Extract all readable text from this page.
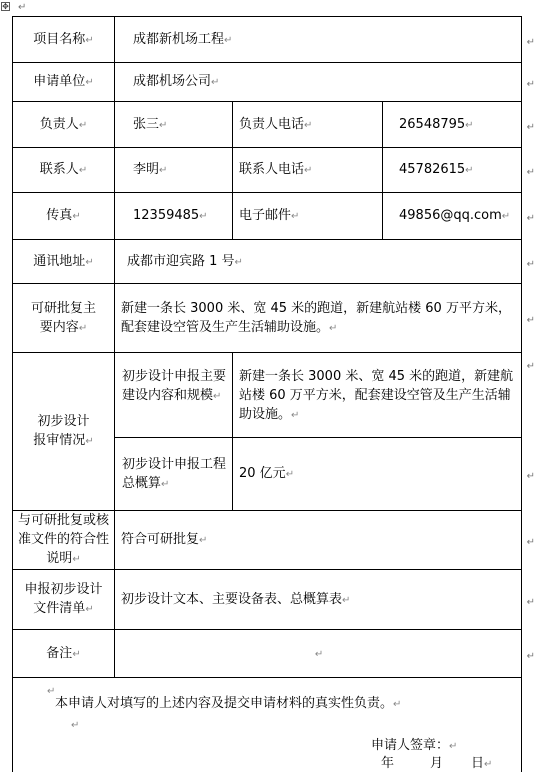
✥ ↵
项目名称↵	成都新机场工程↵ ↵		

申请单位↵	成都机场公司↵ ↵		

负责人↵	张三↵	负责人电话↵	26548795↵ ↵

联系人↵	李明↵	联系人电话↵	45782615↵ ↵

传真↵	12359485↵	电子邮件↵	49856@qq.com↵ ↵

通讯地址↵	成都市迎宾路 1 号↵ ↵		

可研批复主要内容↵	新建一条长 3000 米、宽 45 米的跑道，新建航站楼 60 万平方米，配套建设空管及生产生活辅助设施。↵
↵		

初步设计报审情况↵	初步设计申报主要建设内容和规模↵	新建一条长 3000 米、宽 45 米的跑道，新建航站楼 60 万平方米，配套建设空管及生产生活辅助设施。↵
↵	

	初步设计申报工程总概算↵	20 亿元↵ ↵	

与可研批复或核准文件的符合性说明↵	符合可研批复↵ ↵		

申报初步设计文件清单↵	初步设计文本、主要设备表、总概算表↵ ↵		

备注↵	↵ ↵		

↵
本申请人对填写的上述内容及提交申请材料的真实性负责。↵
↵
申请人签章：↵
年 月 日↵			
